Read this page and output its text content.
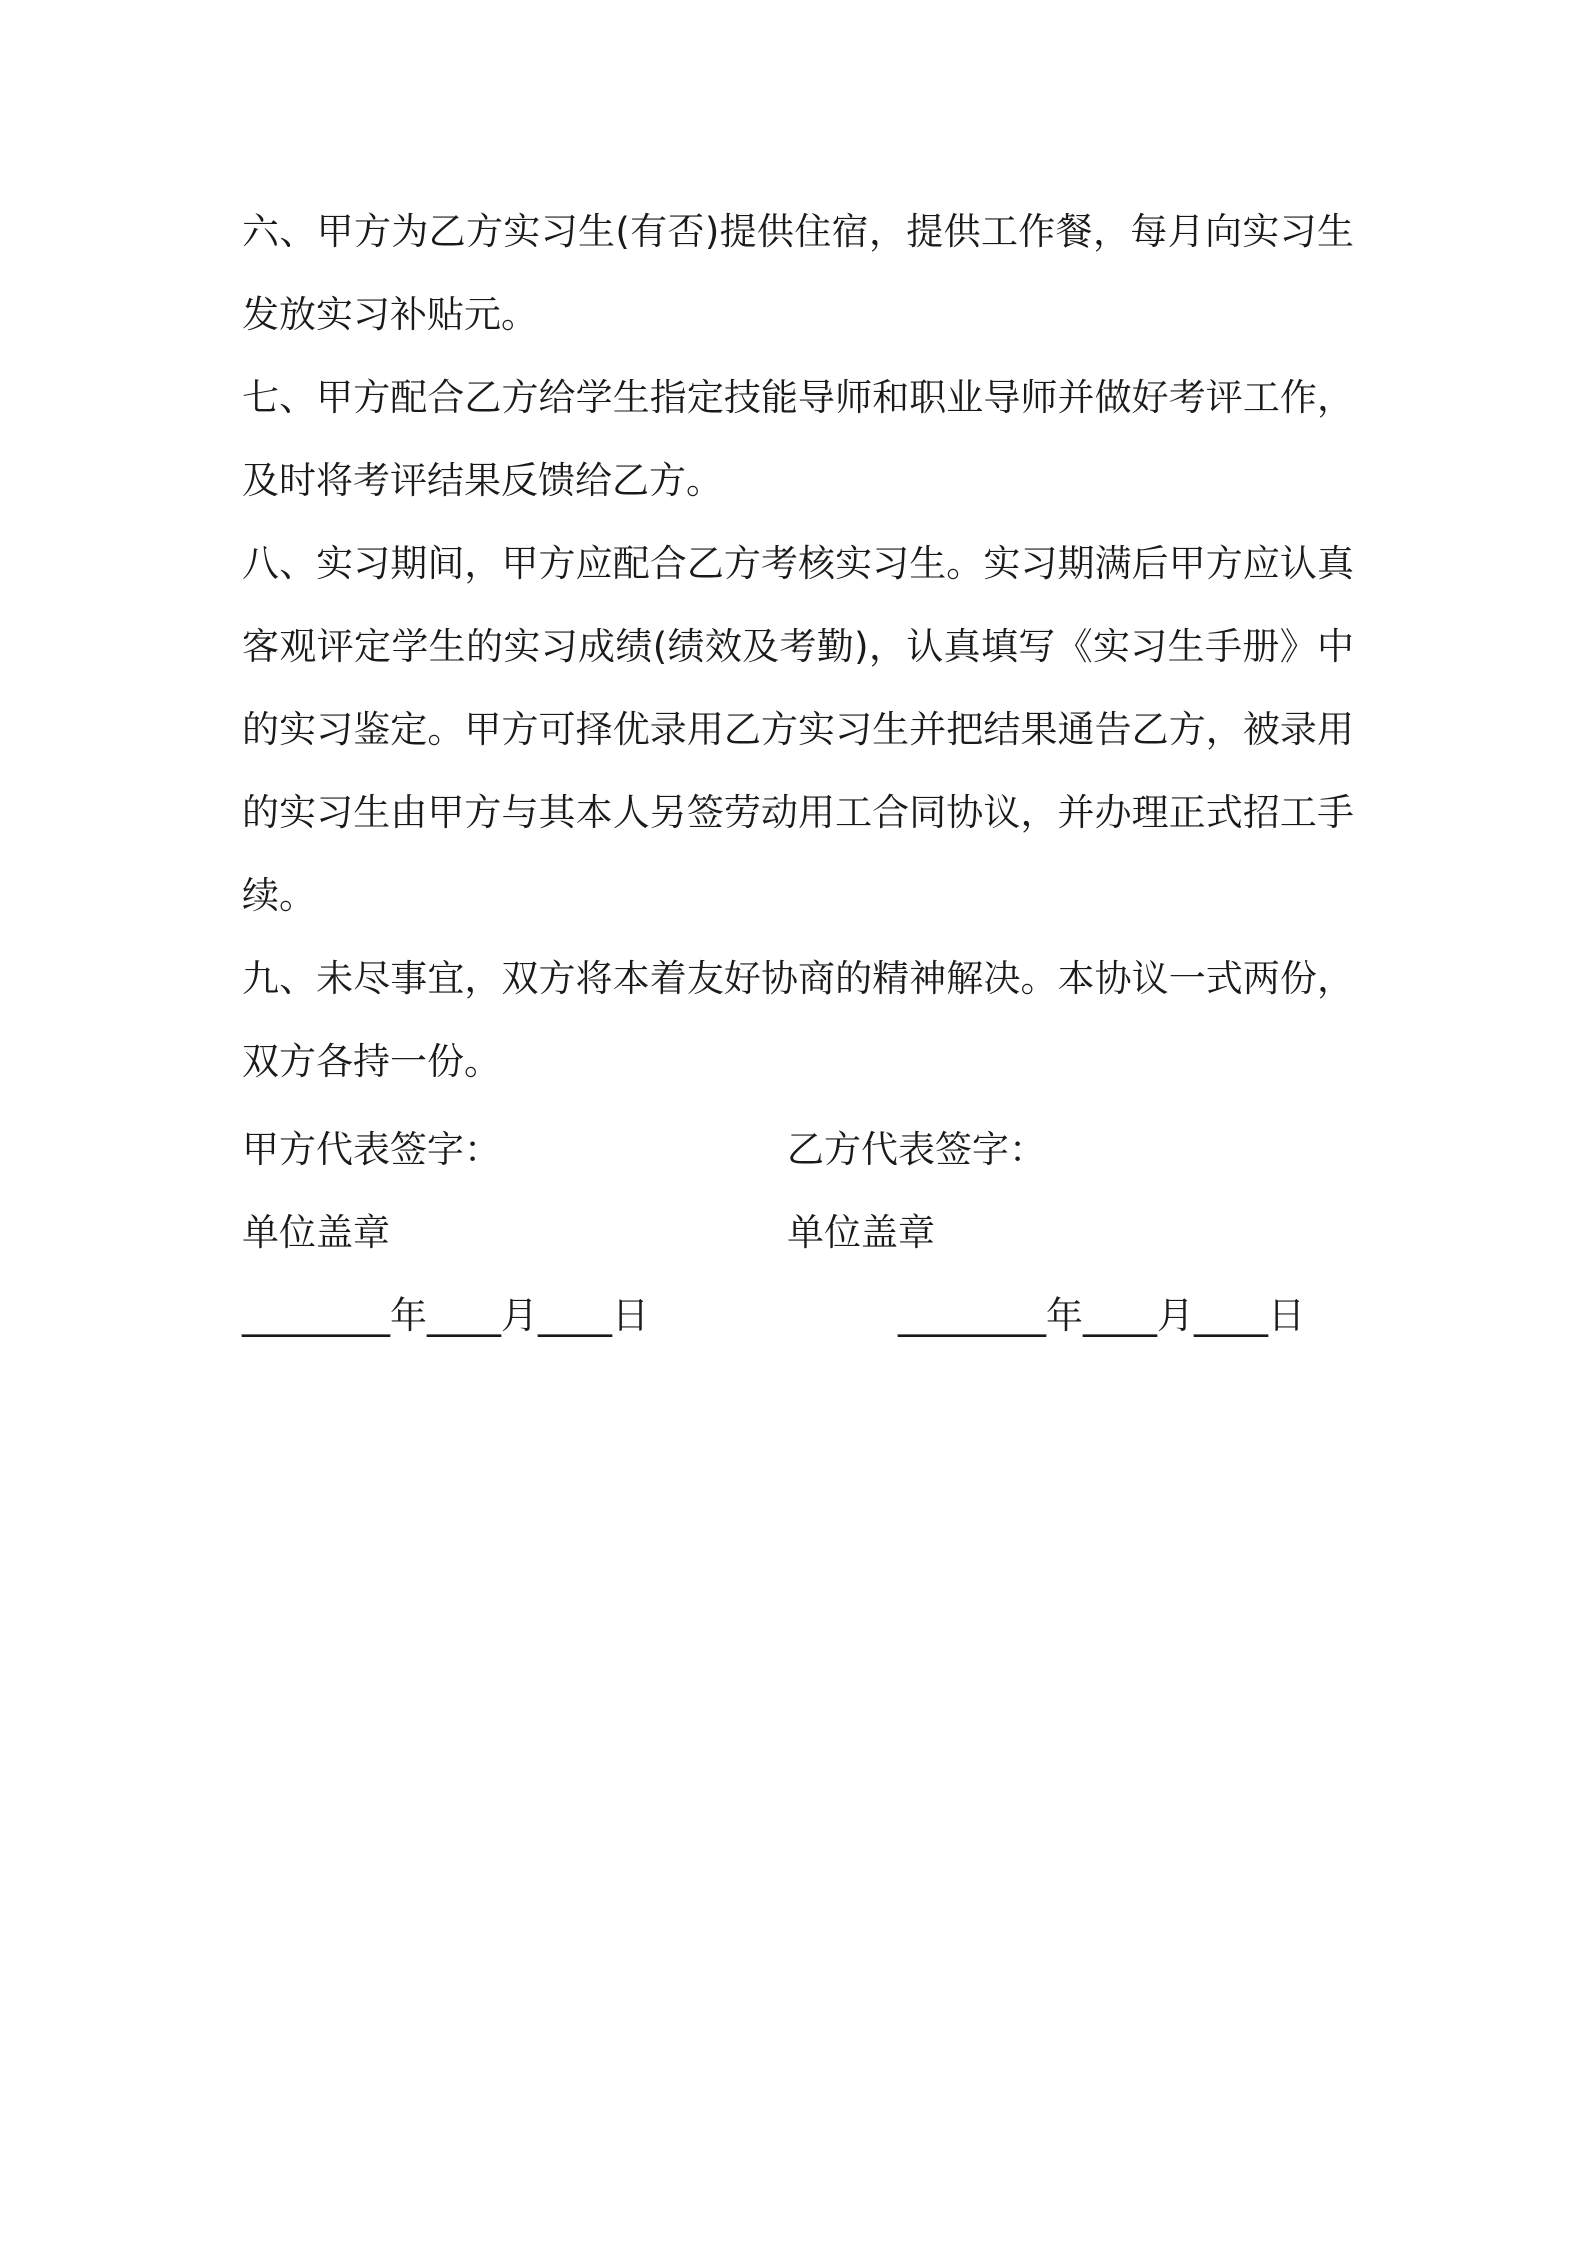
六、甲方为乙方实习生(有否)提供住宿，提供工作餐，每月向实习生发放实习补贴元。

七、甲方配合乙方给学生指定技能导师和职业导师并做好考评工作，及时将考评结果反馈给乙方。

八、实习期间，甲方应配合乙方考核实习生。实习期满后甲方应认真客观评定学生的实习成绩(绩效及考勤)，认真填写《实习生手册》中的实习鉴定。甲方可择优录用乙方实习生并把结果通告乙方，被录用的实习生由甲方与其本人另签劳动用工合同协议，并办理正式招工手续。

九、未尽事宜，双方将本着友好协商的精神解决。本协议一式两份，双方各持一份。

甲方代表签字：	乙方代表签字：
单位盖章	单位盖章
________年____月____日	________年____月____日
